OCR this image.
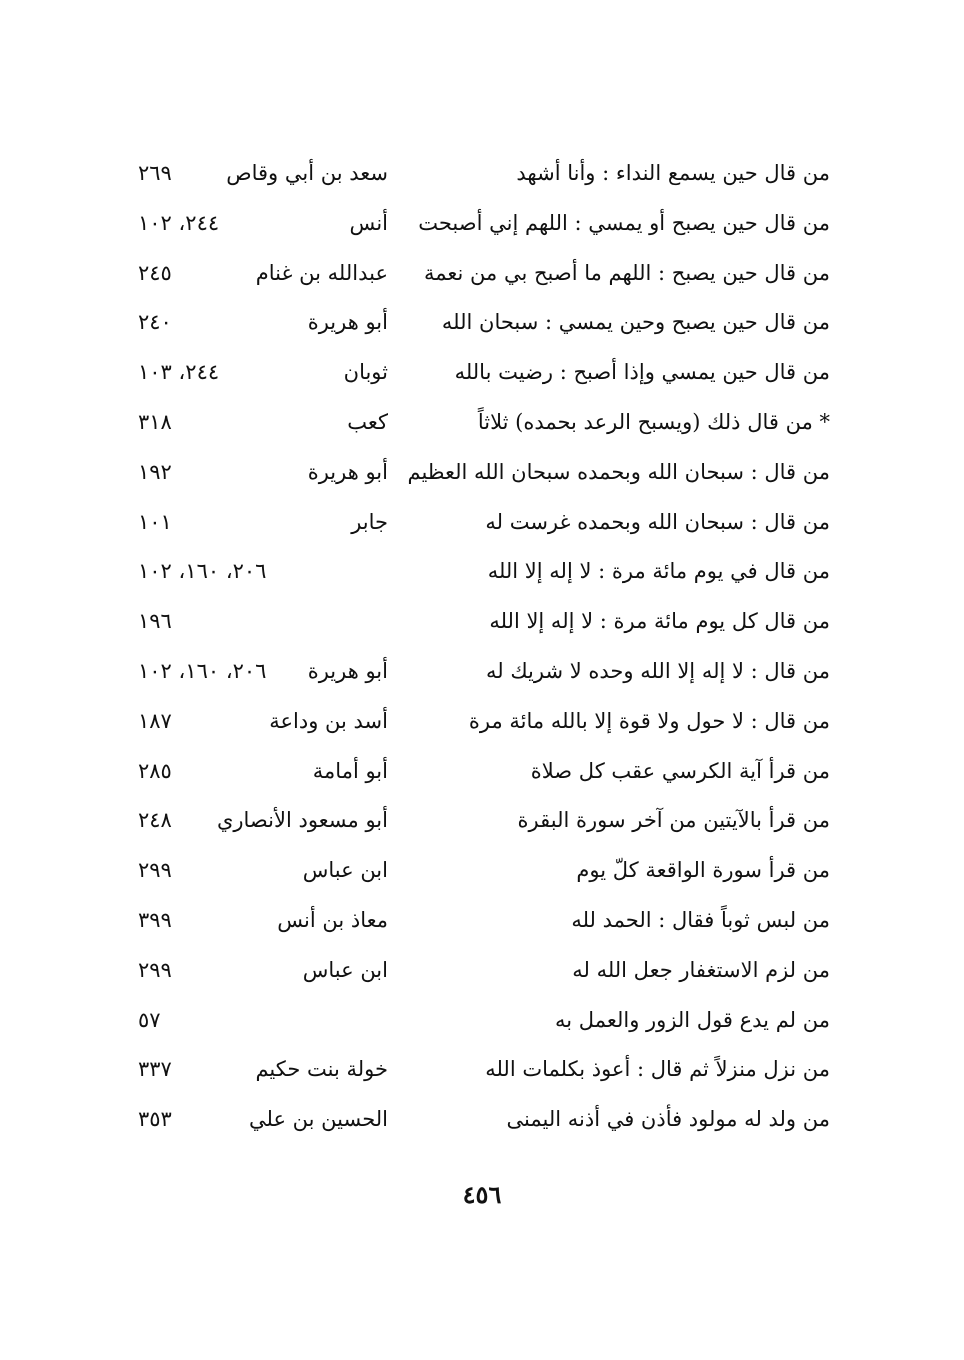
من قال حين يسمع النداء : وأنا أشهد
سعد بن أبي وقاص
٢٦٩
من قال حين يصبح أو يمسي : اللهم إني أصبحت
أنس
٢٤٤، ١٠٢
من قال حين يصبح : اللهم ما أصبح بي من نعمة
عبدالله بن غنام
٢٤٥
من قال حين يصبح وحين يمسي : سبحان الله
أبو هريرة
٢٤٠
من قال حين يمسي وإذا أصبح : رضيت بالله
ثوبان
٢٤٤، ١٠٣
* من قال ذلك (ويسبح الرعد بحمده) ثلاثاً
كعب
٣١٨
من قال : سبحان الله وبحمده سبحان الله العظيم
أبو هريرة
١٩٢
من قال : سبحان الله وبحمده غرست له
جابر
١٠١
من قال في يوم مائة مرة : لا إله إلا الله
٢٠٦، ١٦٠، ١٠٢
من قال كل يوم مائة مرة : لا إله إلا الله
١٩٦
من قال : لا إله إلا الله وحده لا شريك له
أبو هريرة
٢٠٦، ١٦٠، ١٠٢
من قال : لا حول ولا قوة إلا بالله مائة مرة
أسد بن وداعة
١٨٧
من قرأ آية الكرسي عقب كل صلاة
أبو أمامة
٢٨٥
من قرأ بالآيتين من آخر سورة البقرة
أبو مسعود الأنصاري
٢٤٨
من قرأ سورة الواقعة كلّ يوم
ابن عباس
٢٩٩
من لبس ثوباً فقال : الحمد لله
معاذ بن أنس
٣٩٩
من لزم الاستغفار جعل الله له
ابن عباس
٢٩٩
من لم يدع قول الزور والعمل به
٥٧
من نزل منزلاً ثم قال : أعوذ بكلمات الله
خولة بنت حكيم
٣٣٧
من ولد له مولود فأذن في أذنه اليمنى
الحسين بن علي
٣٥٣
٤٥٦
